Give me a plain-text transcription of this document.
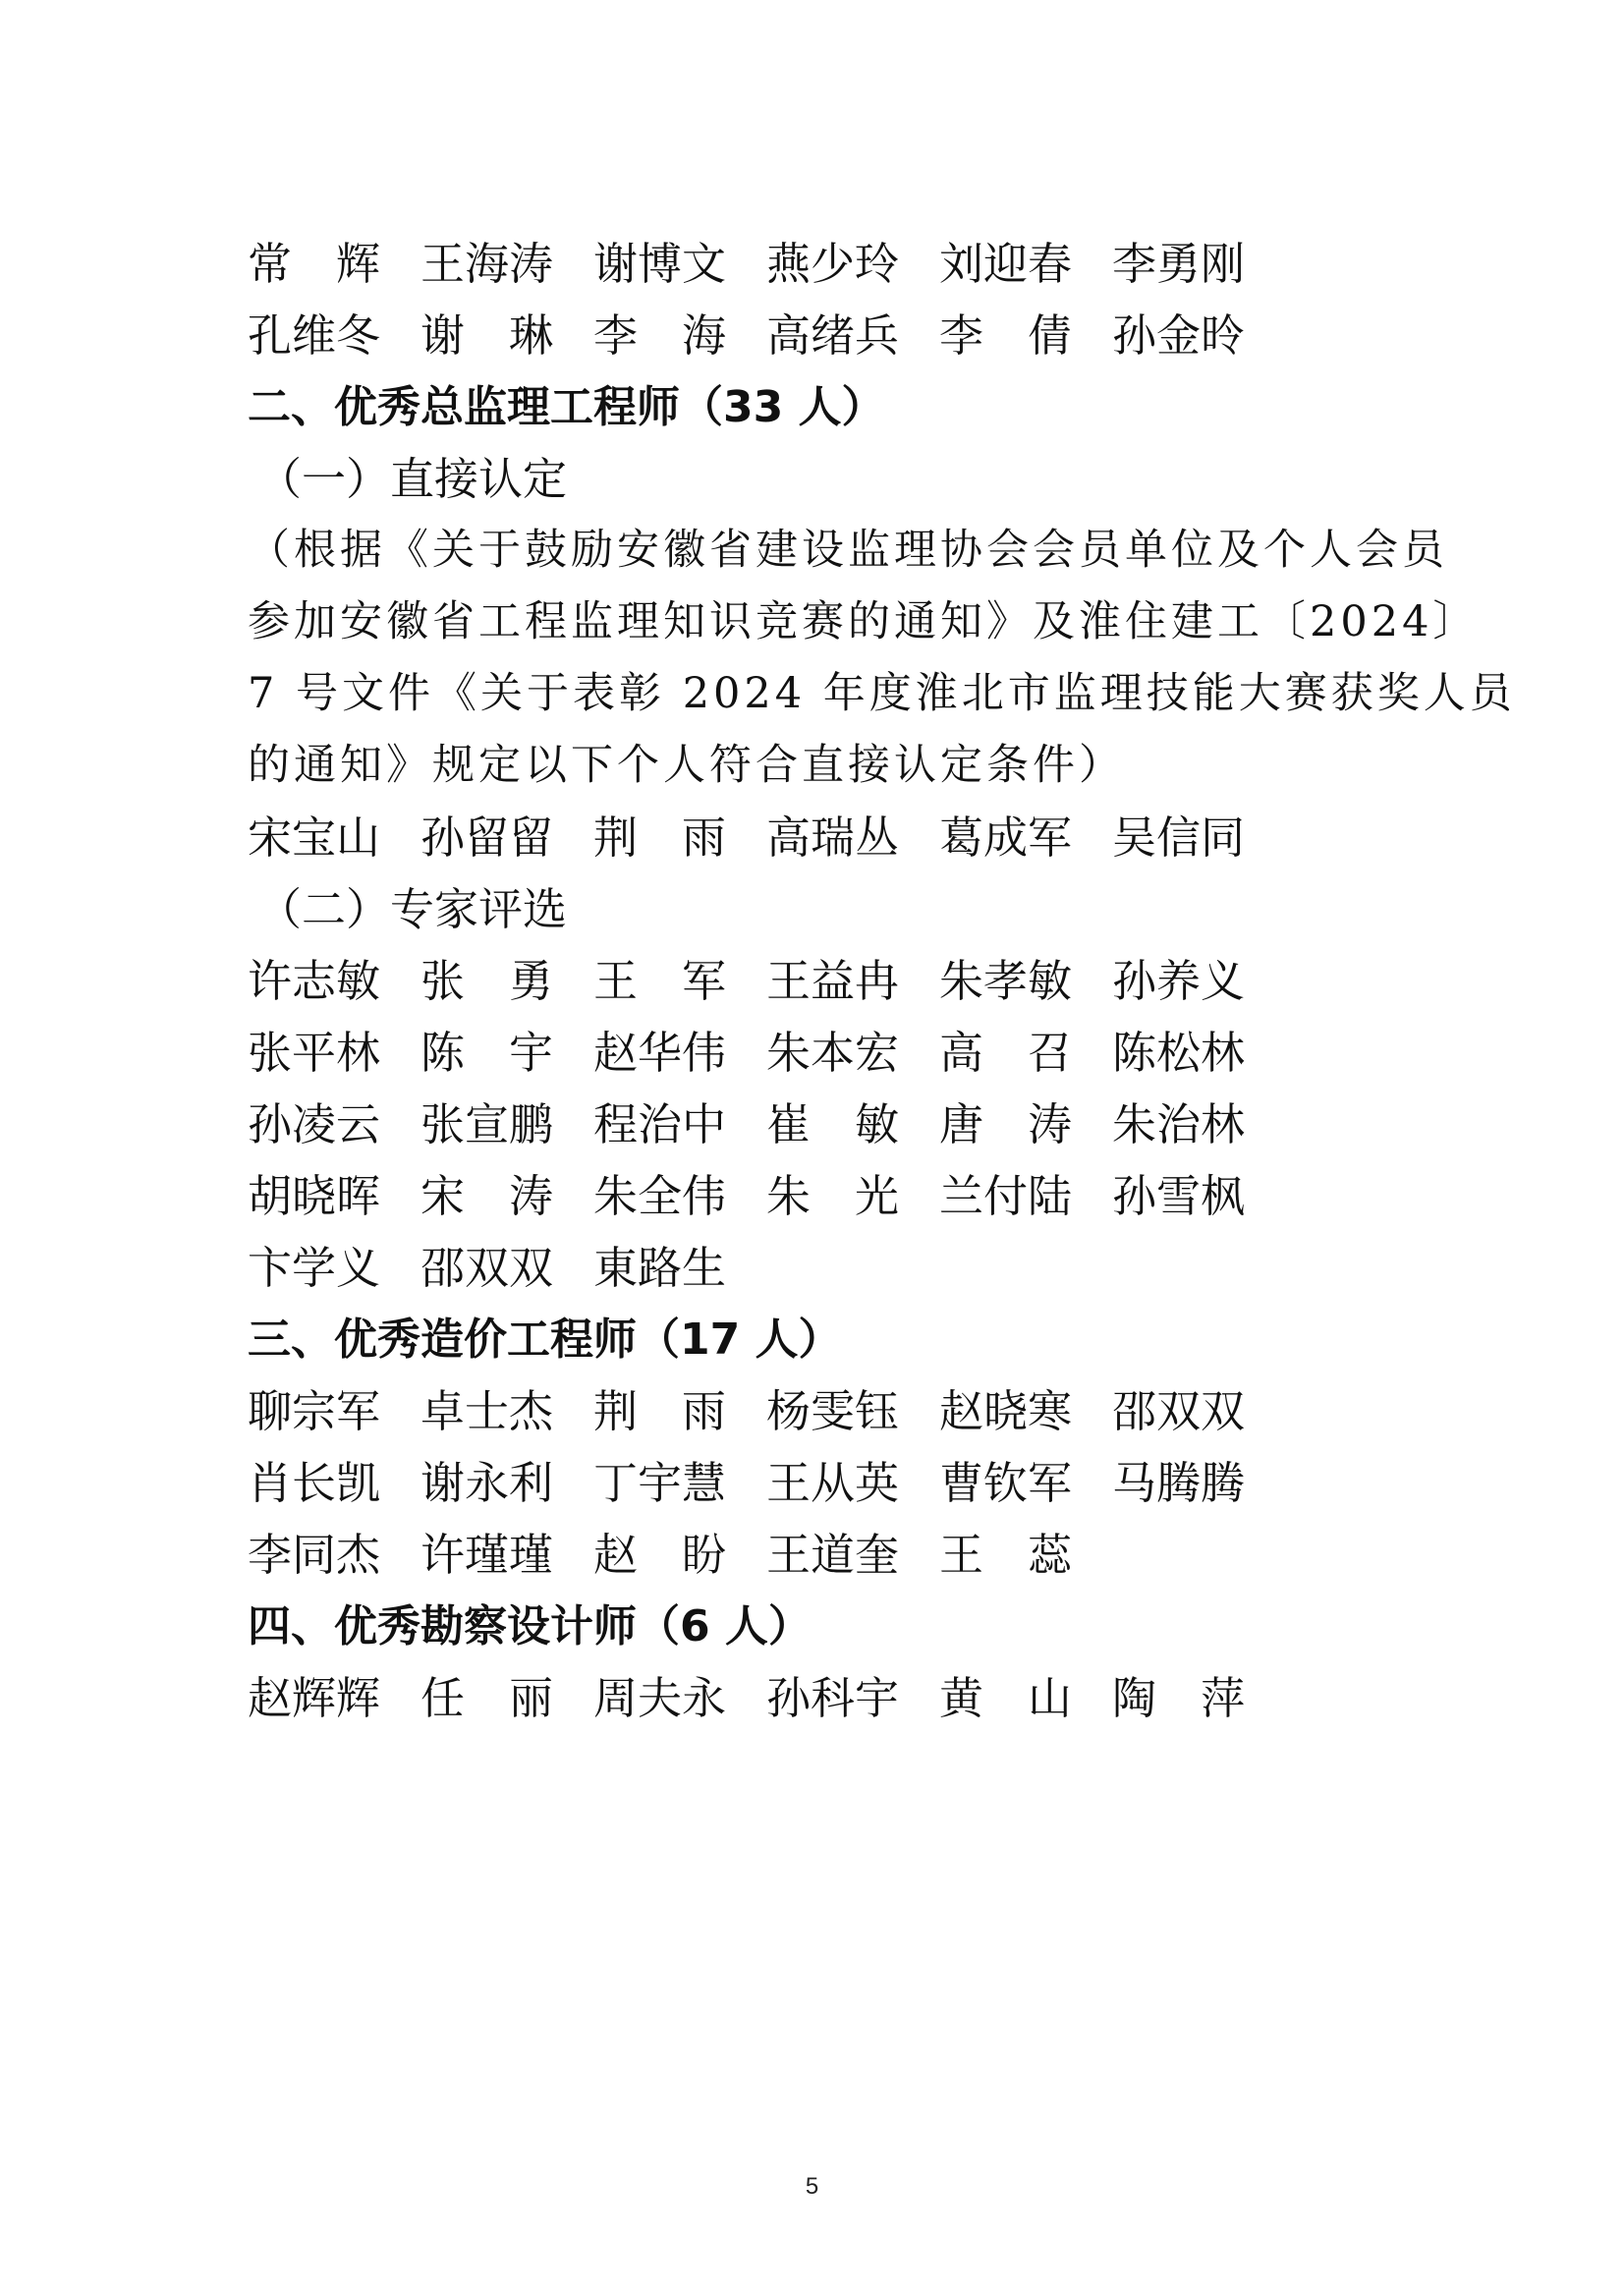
常　辉 王海涛 谢博文 燕少玲 刘迎春 李勇刚
孔维冬 谢　琳 李　海 高绪兵 李　倩 孙金昤
二、优秀总监理工程师（33 人）
（一）直接认定
（根据《关于鼓励安徽省建设监理协会会员单位及个人会员
参加安徽省工程监理知识竞赛的通知》及淮住建工〔2024〕
7 号文件《关于表彰 2024 年度淮北市监理技能大赛获奖人员
的通知》规定以下个人符合直接认定条件）
宋宝山 孙留留 荆　雨 高瑞丛 葛成军 吴信同
（二）专家评选
许志敏 张　勇 王　军 王益冉 朱孝敏 孙养义
张平林 陈　宇 赵华伟 朱本宏 高　召 陈松林
孙凌云 张宣鹏 程治中 崔　敏 唐　涛 朱治林
胡晓晖 宋　涛 朱全伟 朱　光 兰付陆 孙雪枫
卞学义 邵双双 東路生
三、优秀造价工程师（17 人）
聊宗军 卓士杰 荆　雨 杨雯钰 赵晓寒 邵双双
肖长凯 谢永利 丁宇慧 王从英 曹钦军 马腾腾
李同杰 许瑾瑾 赵　盼 王道奎 王　蕊
四、优秀勘察设计师（6 人）
赵辉辉 任　丽 周夫永 孙科宇 黄　山 陶　萍
5
